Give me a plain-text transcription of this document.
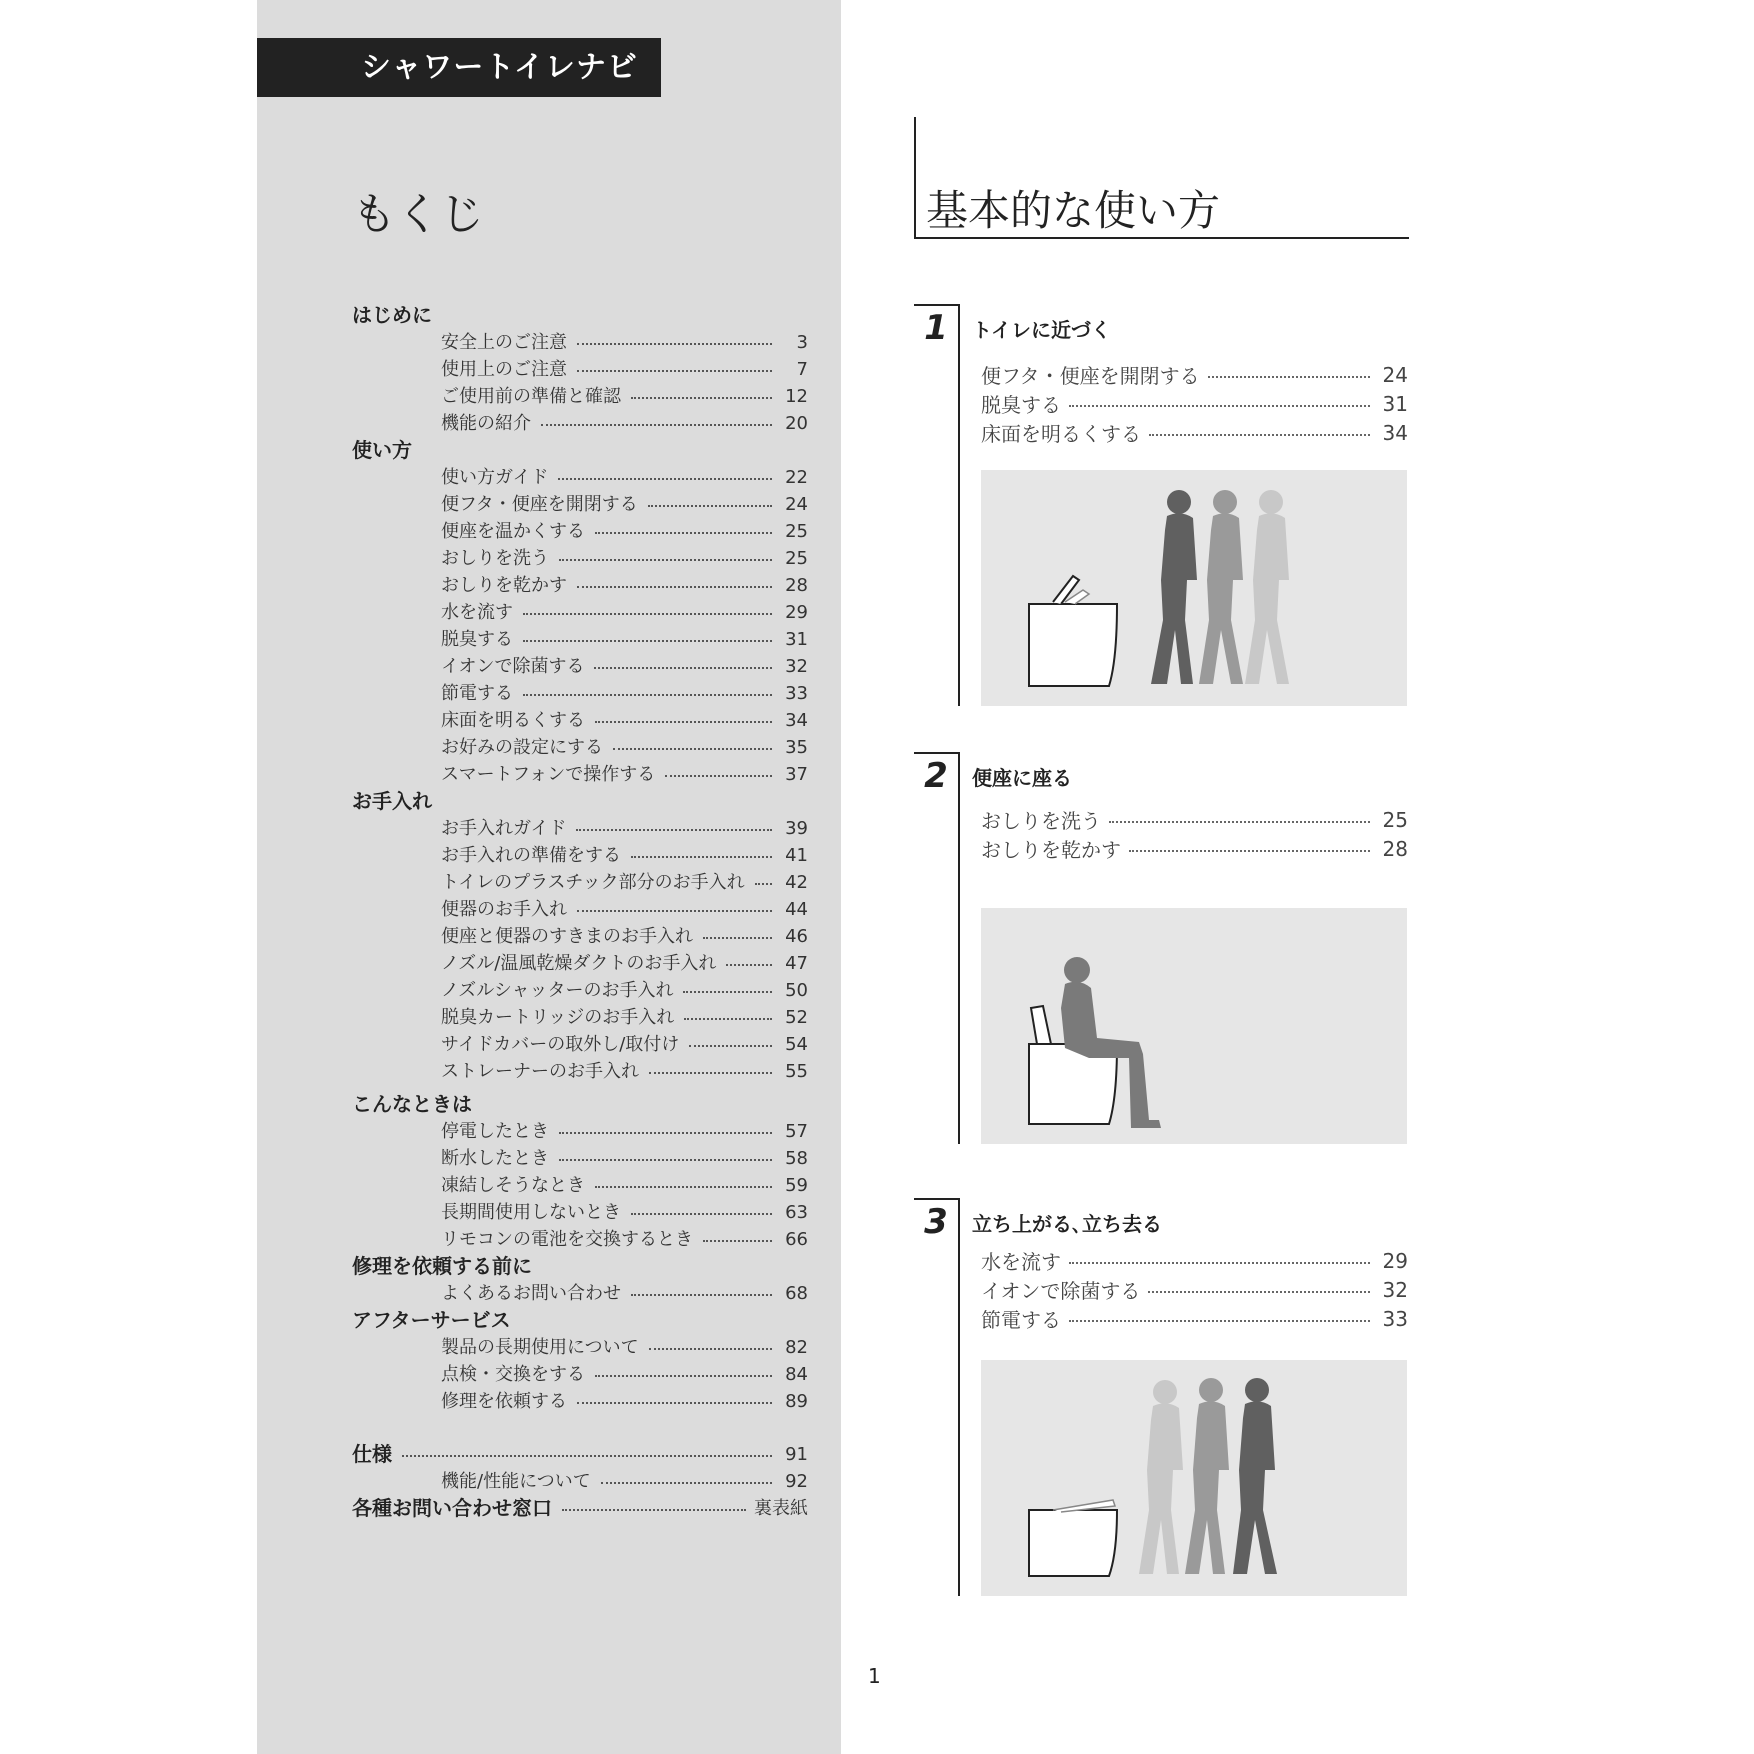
シャワートイレナビ
もくじ
はじめに
安全上のご注意	3
使用上のご注意	7
ご使用前の準備と確認	12
機能の紹介	20
使い方
使い方ガイド	22
便フタ・便座を開閉する	24
便座を温かくする	25
おしりを洗う	25
おしりを乾かす	28
水を流す	29
脱臭する	31
イオンで除菌する	32
節電する	33
床面を明るくする	34
お好みの設定にする	35
スマートフォンで操作する	37
お手入れ
お手入れガイド	39
お手入れの準備をする	41
トイレのプラスチック部分のお手入れ 42
便器のお手入れ	44
便座と便器のすきまのお手入れ	46
ノズル/温風乾燥ダクトのお手入れ	47
ノズルシャッターのお手入れ	50
脱臭カートリッジのお手入れ	52
サイドカバーの取外し/取付け	54
ストレーナーのお手入れ	55
こんなときは
停電したとき	57
断水したとき	58
凍結しそうなとき	59
長期間使用しないとき	63
リモコンの電池を交換するとき	66
修理を依頼する前に
よくあるお問い合わせ	68
アフターサービス
製品の長期使用について	82
点検・交換をする	84
修理を依頼する	89
仕様	91
機能/性能について	92
各種お問い合わせ窓口	裏表紙
基本的な使い方
1	トイレに近づく
便フタ・便座を開閉する	24
脱臭する	31
床面を明るくする	34
2	便座に座る
おしりを洗う	25
おしりを乾かす	28
3	立ち上がる､立ち去る
水を流す	29
イオンで除菌する	32
節電する	33
1
